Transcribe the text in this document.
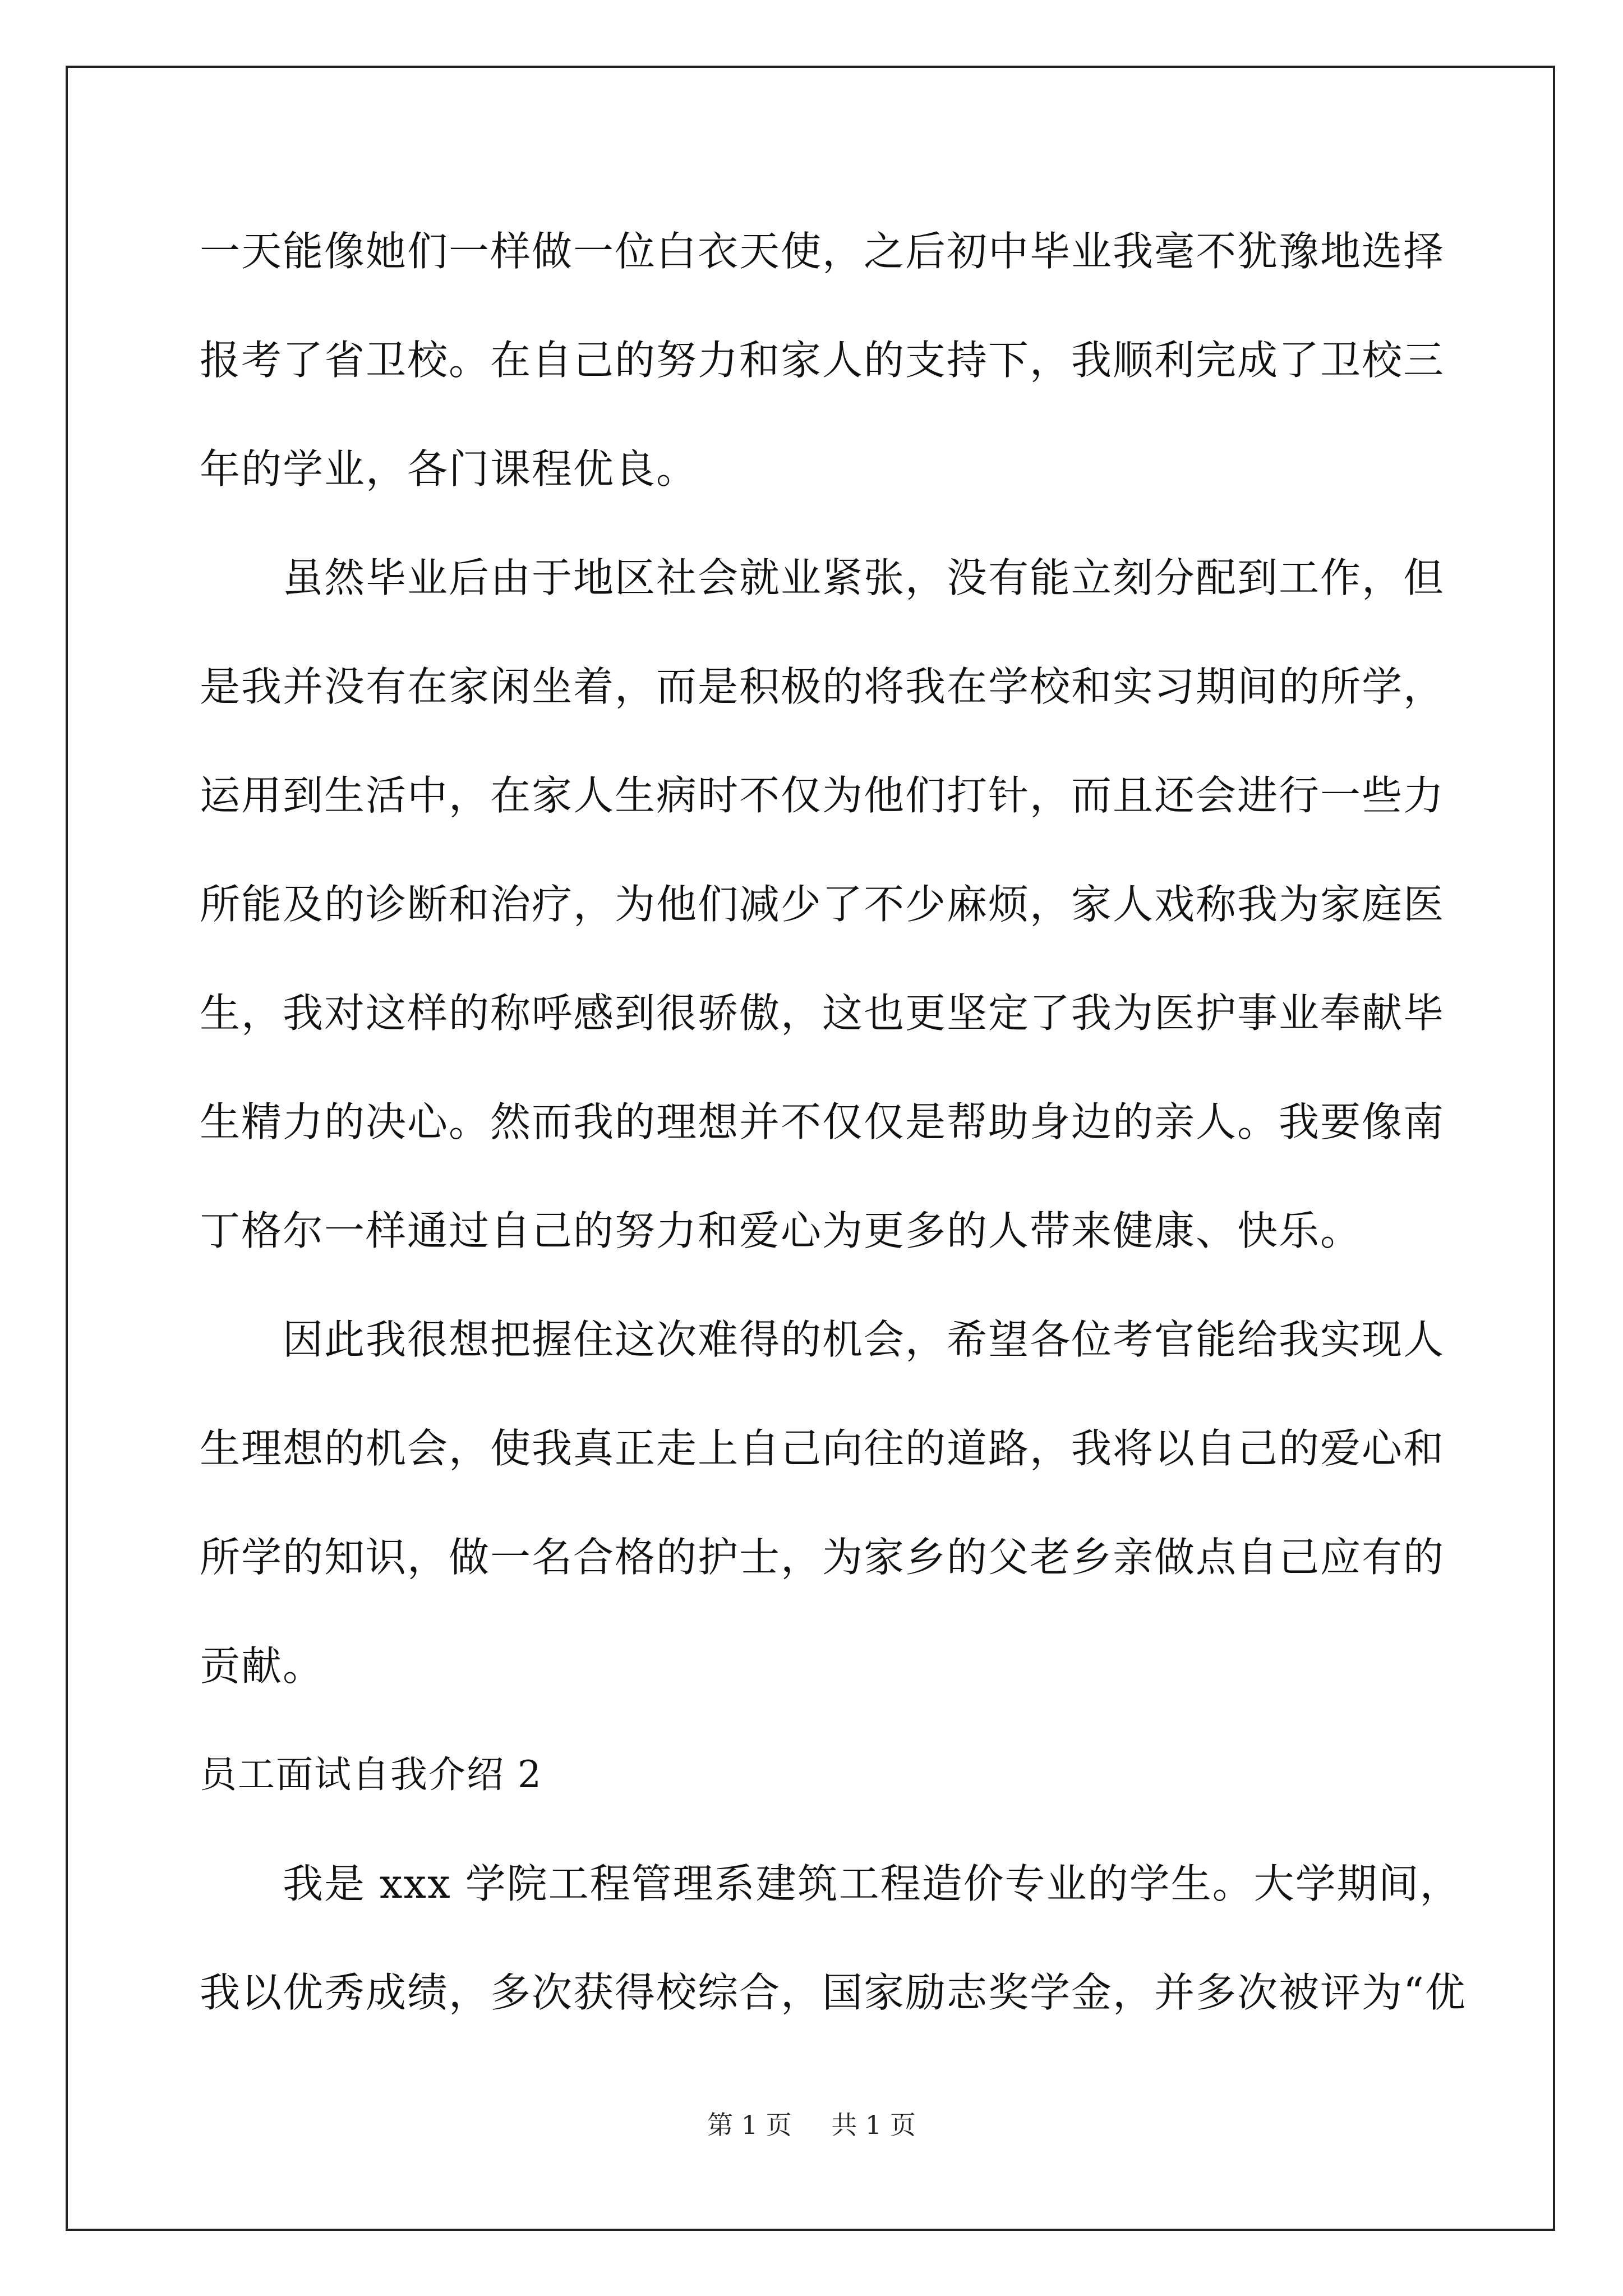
一天能像她们一样做一位白衣天使，之后初中毕业我毫不犹豫地选择
报考了省卫校。在自己的努力和家人的支持下，我顺利完成了卫校三
年的学业，各门课程优良。
虽然毕业后由于地区社会就业紧张，没有能立刻分配到工作，但
是我并没有在家闲坐着，而是积极的将我在学校和实习期间的所学，
运用到生活中，在家人生病时不仅为他们打针，而且还会进行一些力
所能及的诊断和治疗，为他们减少了不少麻烦，家人戏称我为家庭医
生，我对这样的称呼感到很骄傲，这也更坚定了我为医护事业奉献毕
生精力的决心。然而我的理想并不仅仅是帮助身边的亲人。我要像南
丁格尔一样通过自己的努力和爱心为更多的人带来健康、快乐。
因此我很想把握住这次难得的机会，希望各位考官能给我实现人
生理想的机会，使我真正走上自己向往的道路，我将以自己的爱心和
所学的知识，做一名合格的护士，为家乡的父老乡亲做点自己应有的
贡献。
员工面试自我介绍 2
我是 xxx 学院工程管理系建筑工程造价专业的学生。大学期间，
我以优秀成绩，多次获得校综合，国家励志奖学金，并多次被评为“优
第 1 页 共 1 页
